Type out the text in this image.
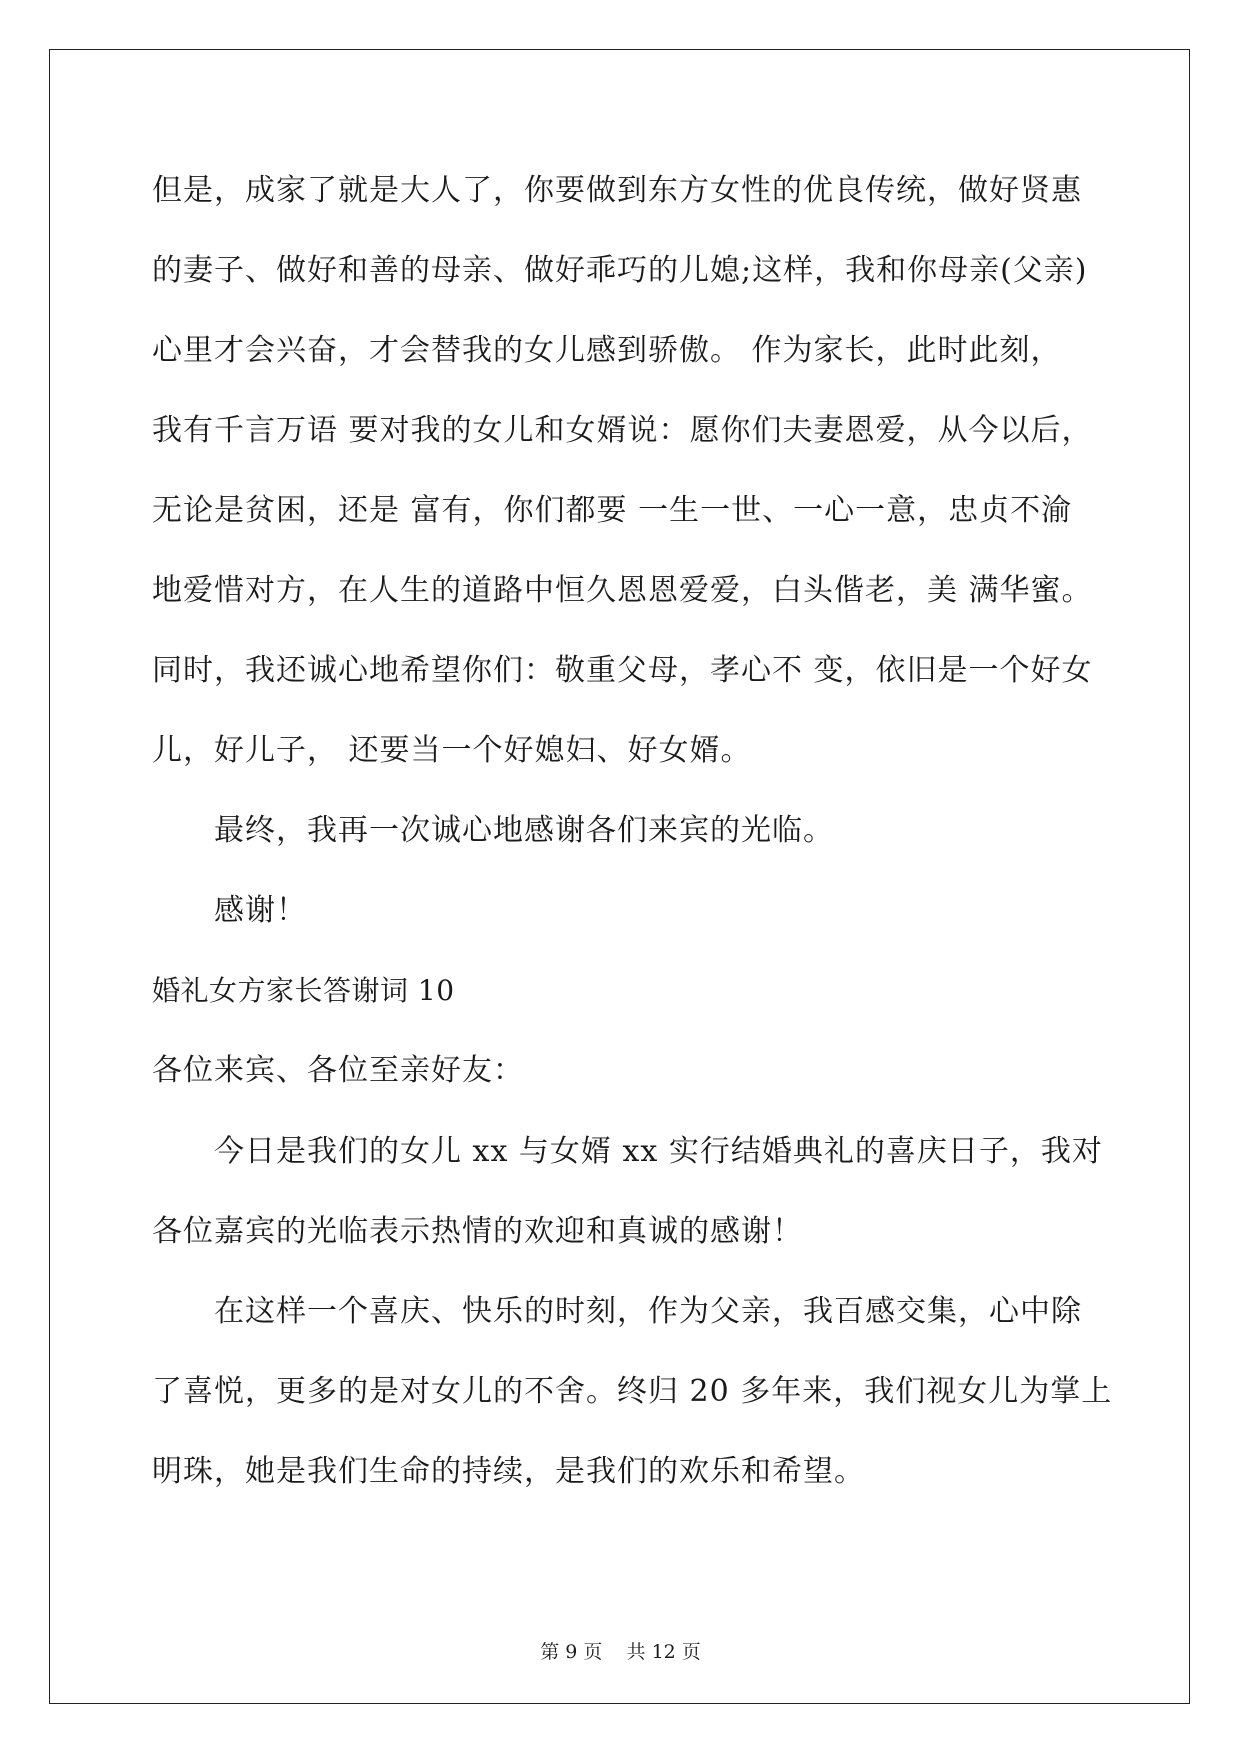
但是，成家了就是大人了，你要做到东方女性的优良传统，做好贤惠
的妻子、做好和善的母亲、做好乖巧的儿媳;这样，我和你母亲(父亲)
心里才会兴奋，才会替我的女儿感到骄傲。 作为家长，此时此刻，
我有千言万语 要对我的女儿和女婿说：愿你们夫妻恩爱，从今以后，
无论是贫困，还是 富有，你们都要 一生一世、一心一意，忠贞不渝
地爱惜对方，在人生的道路中恒久恩恩爱爱，白头偕老，美 满华蜜。
同时，我还诚心地希望你们：敬重父母，孝心不 变，依旧是一个好女
儿，好儿子， 还要当一个好媳妇、好女婿。
最终，我再一次诚心地感谢各们来宾的光临。
感谢！
婚礼女方家长答谢词 10
各位来宾、各位至亲好友：
今日是我们的女儿 xx 与女婿 xx 实行结婚典礼的喜庆日子，我对
各位嘉宾的光临表示热情的欢迎和真诚的感谢！
在这样一个喜庆、快乐的时刻，作为父亲，我百感交集，心中除
了喜悦，更多的是对女儿的不舍。终归 20 多年来，我们视女儿为掌上
明珠，她是我们生命的持续，是我们的欢乐和希望。
第 9 页    共 12 页
